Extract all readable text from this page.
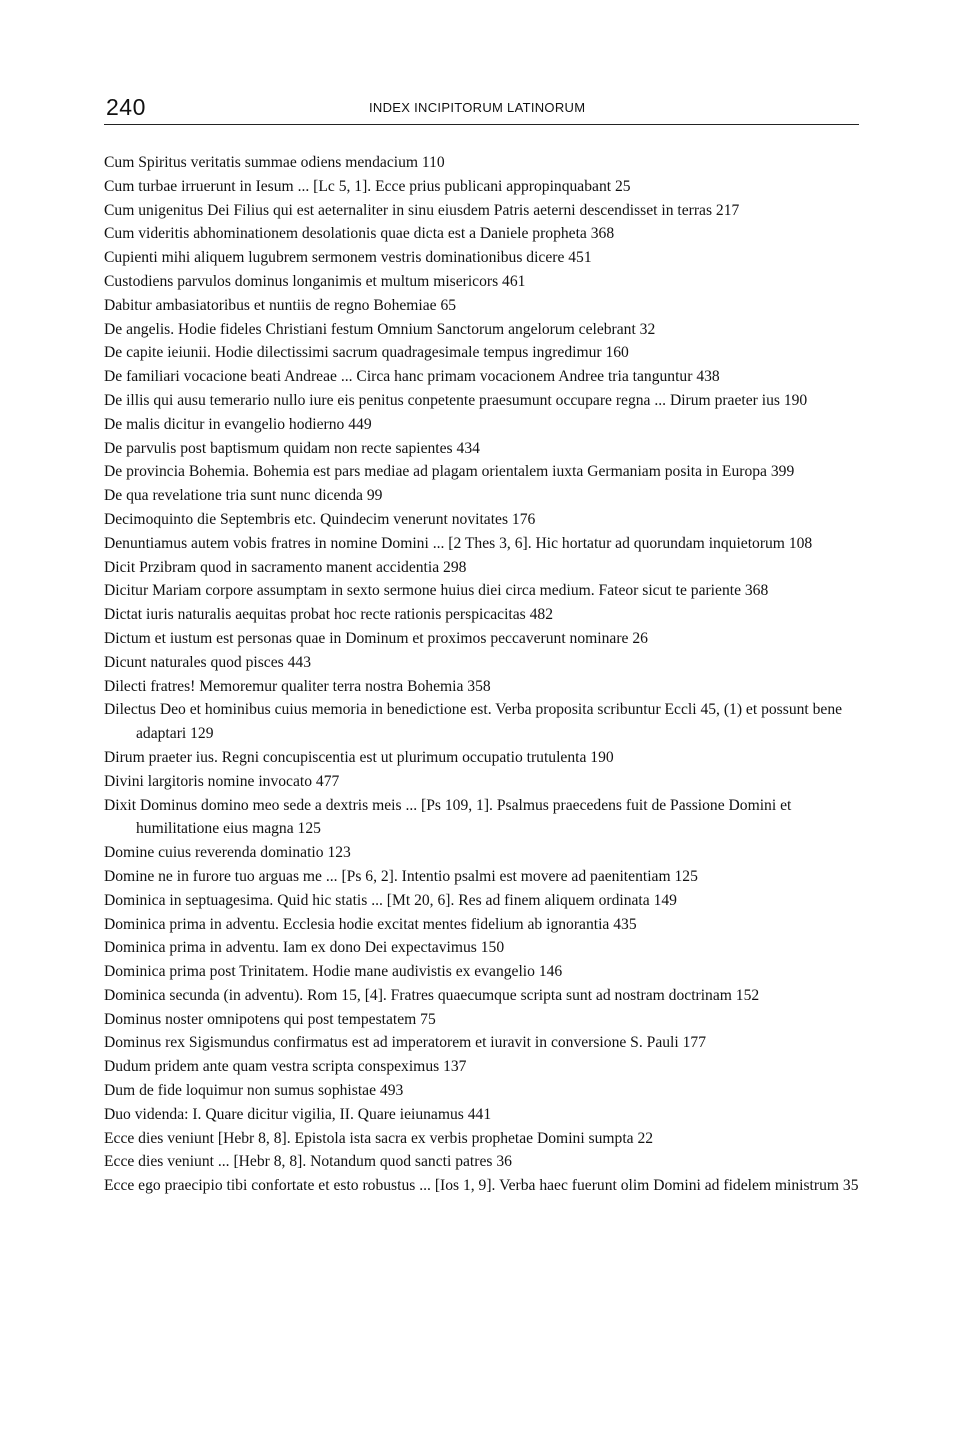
240	INDEX INCIPITORUM LATINORUM
Cum Spiritus veritatis summae odiens mendacium 110
Cum turbae irruerunt in Iesum ... [Lc 5, 1]. Ecce prius publicani appropinquabant 25
Cum unigenitus Dei Filius qui est aeternaliter in sinu eiusdem Patris aeterni descendisset in terras 217
Cum videritis abhominationem desolationis quae dicta est a Daniele propheta 368
Cupienti mihi aliquem lugubrem sermonem vestris dominationibus dicere 451
Custodiens parvulos dominus longanimis et multum misericors 461
Dabitur ambasiatoribus et nuntiis de regno Bohemiae 65
De angelis. Hodie fideles Christiani festum Omnium Sanctorum angelorum celebrant 32
De capite ieiunii. Hodie dilectissimi sacrum quadragesimale tempus ingredimur 160
De familiari vocacione beati Andreae ... Circa hanc primam vocacionem Andree tria tanguntur 438
De illis qui ausu temerario nullo iure eis penitus conpetente praesumunt occupare regna ... Dirum praeter ius 190
De malis dicitur in evangelio hodierno 449
De parvulis post baptismum quidam non recte sapientes 434
De provincia Bohemia. Bohemia est pars mediae ad plagam orientalem iuxta Germaniam posita in Europa 399
De qua revelatione tria sunt nunc dicenda 99
Decimoquinto die Septembris etc. Quindecim venerunt novitates 176
Denuntiamus autem vobis fratres in nomine Domini ... [2 Thes 3, 6]. Hic hortatur ad quorundam inquietorum 108
Dicit Przibram quod in sacramento manent accidentia 298
Dicitur Mariam corpore assumptam in sexto sermone huius diei circa medium. Fateor sicut te pariente 368
Dictat iuris naturalis aequitas probat hoc recte rationis perspicacitas 482
Dictum et iustum est personas quae in Dominum et proximos peccaverunt nominare 26
Dicunt naturales quod pisces 443
Dilecti fratres! Memoremur qualiter terra nostra Bohemia 358
Dilectus Deo et hominibus cuius memoria in benedictione est. Verba proposita scribuntur Eccli 45, (1) et possunt bene adaptari 129
Dirum praeter ius. Regni concupiscentia est ut plurimum occupatio trutulenta 190
Divini largitoris nomine invocato 477
Dixit Dominus domino meo sede a dextris meis ... [Ps 109, 1]. Psalmus praecedens fuit de Passione Domini et humilitatione eius magna 125
Domine cuius reverenda dominatio 123
Domine ne in furore tuo arguas me ... [Ps 6, 2]. Intentio psalmi est movere ad paenitentiam 125
Dominica in septuagesima. Quid hic statis ... [Mt 20, 6]. Res ad finem aliquem ordinata 149
Dominica prima in adventu. Ecclesia hodie excitat mentes fidelium ab ignorantia 435
Dominica prima in adventu. Iam ex dono Dei expectavimus 150
Dominica prima post Trinitatem. Hodie mane audivistis ex evangelio 146
Dominica secunda (in adventu). Rom 15, [4]. Fratres quaecumque scripta sunt ad nostram doctrinam 152
Dominus noster omnipotens qui post tempestatem 75
Dominus rex Sigismundus confirmatus est ad imperatorem et iuravit in conversione S. Pauli 177
Dudum pridem ante quam vestra scripta conspeximus 137
Dum de fide loquimur non sumus sophistae 493
Duo videnda: I. Quare dicitur vigilia, II. Quare ieiunamus 441
Ecce dies veniunt [Hebr 8, 8]. Epistola ista sacra ex verbis prophetae Domini sumpta 22
Ecce dies veniunt ... [Hebr 8, 8]. Notandum quod sancti patres 36
Ecce ego praecipio tibi confortate et esto robustus ... [Ios 1, 9]. Verba haec fuerunt olim Domini ad fidelem ministrum 35
